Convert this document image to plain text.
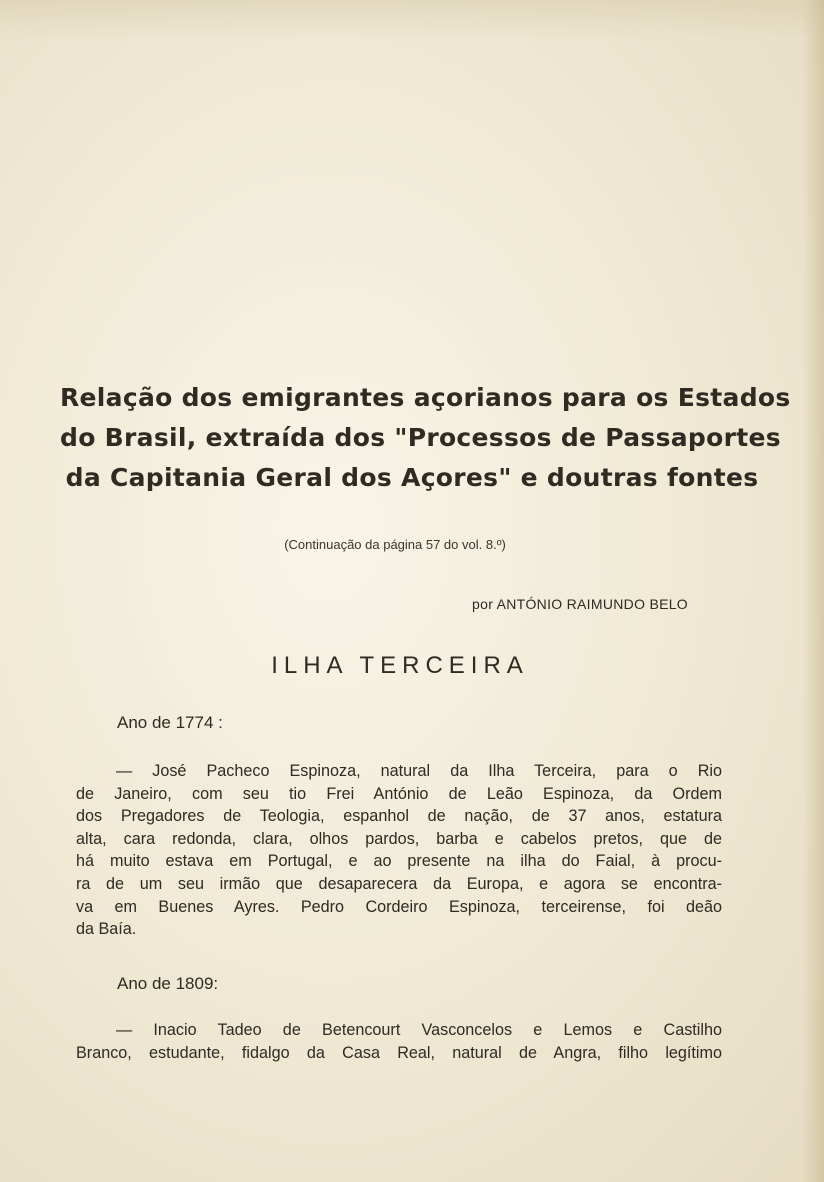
Relação dos emigrantes açorianos para os Estados
do Brasil, extraída dos "Processos de Passaportes
da Capitania Geral dos Açores" e doutras fontes
(Continuação da página 57 do vol. 8.º)
por ANTÓNIO RAIMUNDO BELO
ILHA TERCEIRA
Ano de 1774 :
— José Pacheco Espinoza, natural da Ilha Terceira, para o Rio
de Janeiro, com seu tio Frei António de Leão Espinoza, da Ordem
dos Pregadores de Teologia, espanhol de nação, de 37 anos, estatura
alta, cara redonda, clara, olhos pardos, barba e cabelos pretos, que de
há muito estava em Portugal, e ao presente na ilha do Faial, à procu-
ra de um seu irmão que desaparecera da Europa, e agora se encontra-
va em Buenes Ayres. Pedro Cordeiro Espinoza, terceirense, foi deão
da Baía.
Ano de 1809:
— Inacio Tadeo de Betencourt Vasconcelos e Lemos e Castilho
Branco, estudante, fidalgo da Casa Real, natural de Angra, filho legítimo
